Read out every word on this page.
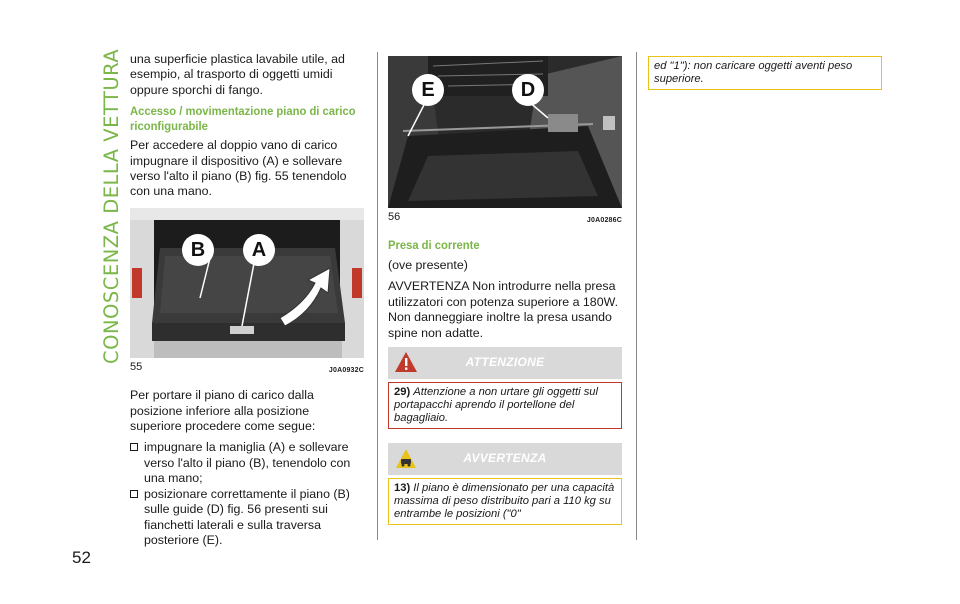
CONOSCENZA DELLA VETTURA
52

una superficie plastica lavabile utile, ad esempio, al trasporto di oggetti umidi oppure sporchi di fango.

Accesso / movimentazione piano di carico riconfigurabile

Per accedere al doppio vano di carico impugnare il dispositivo (A) e sollevare verso l'alto il piano (B) fig. 55 tenendolo con una mano.

B	A
55	J0A0932C

Per portare il piano di carico dalla posizione inferiore alla posizione superiore procedere come segue:

impugnare la maniglia (A) e sollevare verso l'alto il piano (B), tenendolo con una mano;
posizionare correttamente il piano (B) sulle guide (D) fig. 56 presenti sui fianchetti laterali e sulla traversa posteriore (E).
E	D
56	J0A0286C
Presa di corrente

(ove presente)

AVVERTENZA Non introdurre nella presa utilizzatori con potenza superiore a 180W. Non danneggiare inoltre la presa usando spine non adatte.

ATTENZIONE
29) Attenzione a non urtare gli oggetti sul portapacchi aprendo il portellone del bagagliaio.
AVVERTENZA
13) Il piano è dimensionato per una capacità massima di peso distribuito pari a 110 kg su entrambe le posizioni ("0"
ed "1"): non caricare oggetti aventi peso superiore.
